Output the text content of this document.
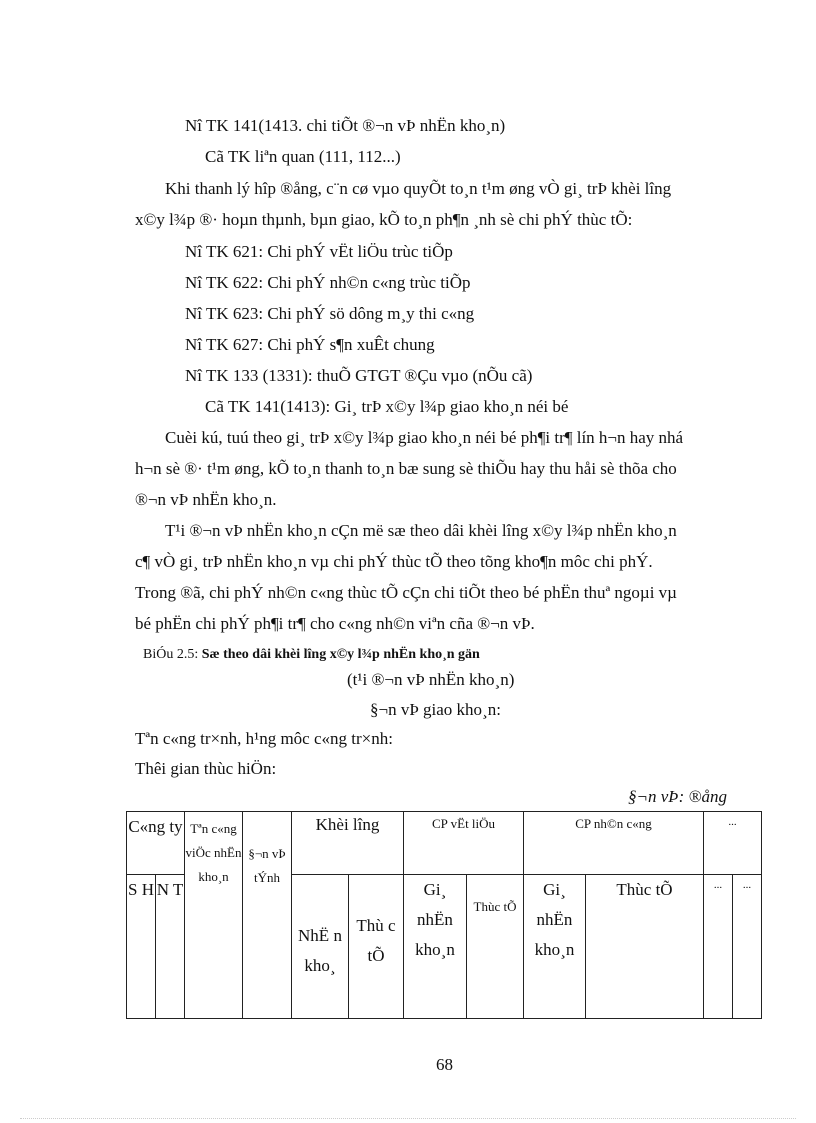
Nî TK 141(1413. chi tiÕt ®¬n vÞ nhËn kho¸n)
Cã TK liªn quan (111, 112...)
Khi thanh lý hîp ®ång, c¨n cø vµo quyÕt to¸n t¹m øng vÒ gi¸ trÞ khèi lîng
x©y l¾p ®· hoµn thµnh, bµn giao, kÕ to¸n ph¶n ¸nh sè chi phÝ thùc tÕ:
Nî TK 621: Chi phÝ vËt liÖu trùc tiÕp
Nî TK 622: Chi phÝ nh©n c«ng trùc tiÕp
Nî TK 623: Chi phÝ sö dông m¸y thi c«ng
Nî TK 627: Chi phÝ s¶n xuÊt chung
Nî TK 133 (1331): thuÕ GTGT ®Çu vµo (nÕu cã)
Cã TK 141(1413): Gi¸ trÞ x©y l¾p giao kho¸n néi bé
Cuèi kú, tuú theo gi¸ trÞ x©y l¾p giao kho¸n néi bé ph¶i tr¶ lín h¬n hay nhá
h¬n sè ®· t¹m øng, kÕ to¸n thanh to¸n bæ sung sè thiÕu hay thu håi sè thõa cho
®¬n vÞ nhËn kho¸n.
T¹i ®¬n vÞ nhËn kho¸n cÇn më sæ theo dâi khèi lîng x©y l¾p nhËn kho¸n
c¶ vÒ gi¸ trÞ nhËn kho¸n vµ chi phÝ thùc tÕ theo tõng kho¶n môc chi phÝ.
Trong ®ã, chi phÝ nh©n c«ng thùc tÕ cÇn chi tiÕt theo bé phËn thuª ngoµi vµ
bé phËn chi phÝ ph¶i tr¶ cho c«ng nh©n viªn cña ®¬n vÞ.
BiÓu 2.5: Sæ theo dâi khèi lîng x©y l¾p nhËn kho¸n gän
(t¹i ®¬n vÞ nhËn kho¸n)
§¬n vÞ giao kho¸n:
Tªn c«ng tr×nh, h¹ng môc c«ng tr×nh:
Thêi gian thùc hiÖn:
§¬n vÞ: ®ång
C«ng ty		Tªn c«ng viÖc nhËn kho¸n	§¬n vÞ tÝnh	Khèi lîng		CP vËt liÖu		CP nh©n c«ng		...	
S H	N T			NhË n kho¸	Thù c tÕ	Gi¸ nhËn kho¸n	Thùc tÕ	Gi¸ nhËn kho¸n	Thùc tÕ	...	...
68
